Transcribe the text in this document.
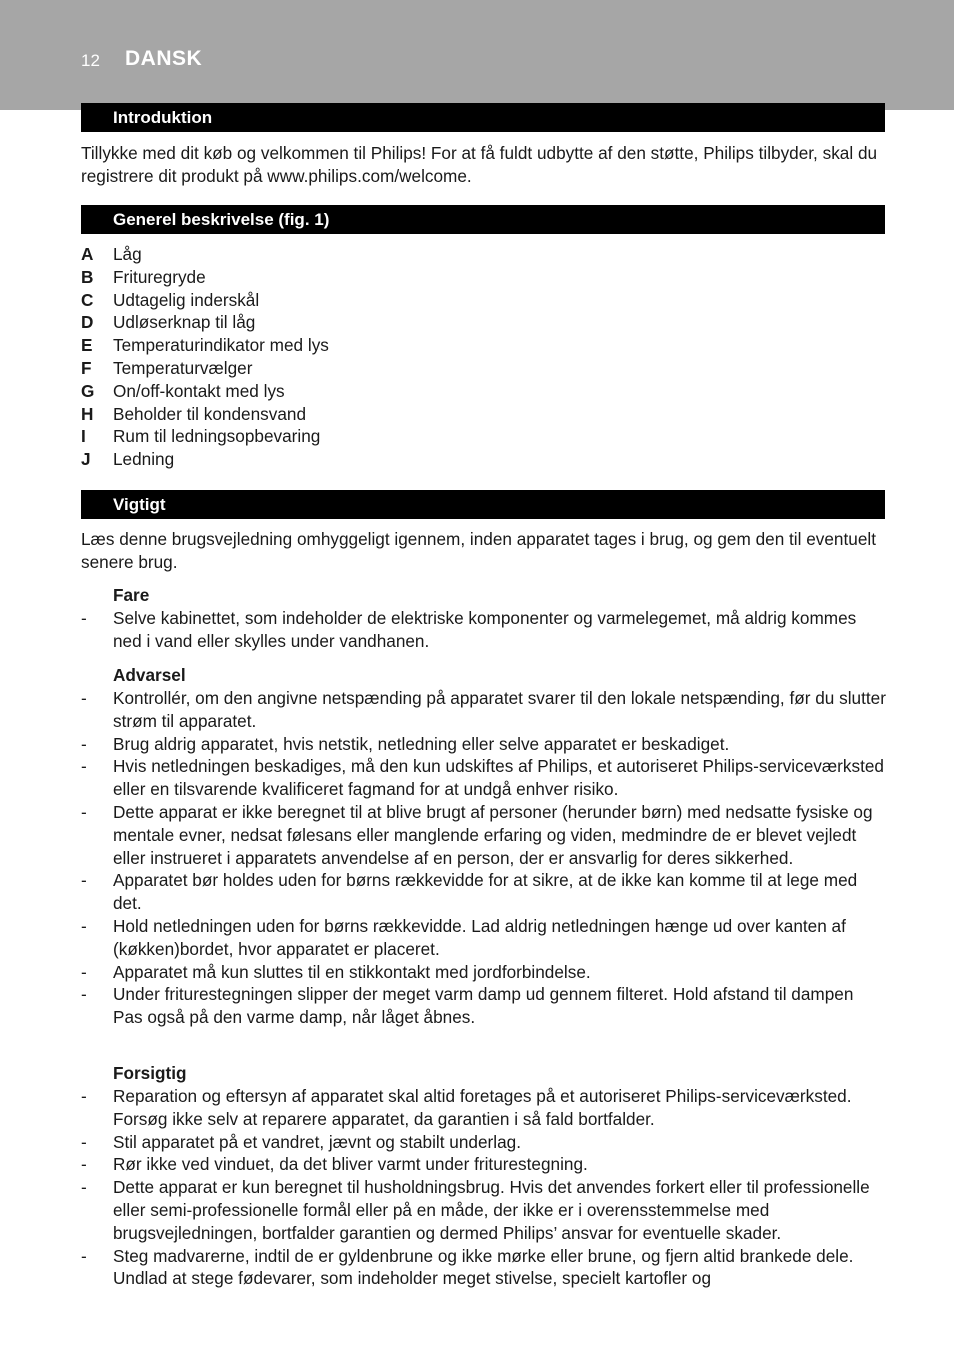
12 DANSK
Introduktion

Tillykke med dit køb og velkommen til Philips! For at få fuldt udbytte af den støtte, Philips tilbyder, skal du registrere dit produkt på www.philips.com/welcome.

Generel beskrivelse (fig. 1)
A Låg
B Frituregryde
C Udtagelig inderskål
D Udløserknap til låg
E Temperaturindikator med lys
F Temperaturvælger
G On/off-kontakt med lys
H Beholder til kondensvand
I Rum til ledningsopbevaring
J Ledning
Vigtigt

Læs denne brugsvejledning omhyggeligt igennem, inden apparatet tages i brug, og gem den til eventuelt senere brug.

Fare
- Selve kabinettet, som indeholder de elektriske komponenter og varmelegemet, må aldrig kommes ned i vand eller skylles under vandhanen.
Advarsel
- Kontrollér, om den angivne netspænding på apparatet svarer til den lokale netspænding, før du slutter strøm til apparatet.
- Brug aldrig apparatet, hvis netstik, netledning eller selve apparatet er beskadiget.
- Hvis netledningen beskadiges, må den kun udskiftes af Philips, et autoriseret Philips-serviceværksted eller en tilsvarende kvalificeret fagmand for at undgå enhver risiko.
- Dette apparat er ikke beregnet til at blive brugt af personer (herunder børn) med nedsatte fysiske og mentale evner, nedsat følesans eller manglende erfaring og viden, medmindre de er blevet vejledt eller instrueret i apparatets anvendelse af en person, der er ansvarlig for deres sikkerhed.
- Apparatet bør holdes uden for børns rækkevidde for at sikre, at de ikke kan komme til at lege med det.
- Hold netledningen uden for børns rækkevidde. Lad aldrig netledningen hænge ud over kanten af (køkken)bordet, hvor apparatet er placeret.
- Apparatet må kun sluttes til en stikkontakt med jordforbindelse.
- Under friturestegningen slipper der meget varm damp ud gennem filteret. Hold afstand til dampen Pas også på den varme damp, når låget åbnes.
Forsigtig
- Reparation og eftersyn af apparatet skal altid foretages på et autoriseret Philips-serviceværksted. Forsøg ikke selv at reparere apparatet, da garantien i så fald bortfalder.
- Stil apparatet på et vandret, jævnt og stabilt underlag.
- Rør ikke ved vinduet, da det bliver varmt under friturestegning.
- Dette apparat er kun beregnet til husholdningsbrug. Hvis det anvendes forkert eller til professionelle eller semi-professionelle formål eller på en måde, der ikke er i overensstemmelse med brugsvejledningen, bortfalder garantien og dermed Philips’ ansvar for eventuelle skader.
- Steg madvarerne, indtil de er gyldenbrune og ikke mørke eller brune, og fjern altid brankede dele. Undlad at stege fødevarer, som indeholder meget stivelse, specielt kartofler og
